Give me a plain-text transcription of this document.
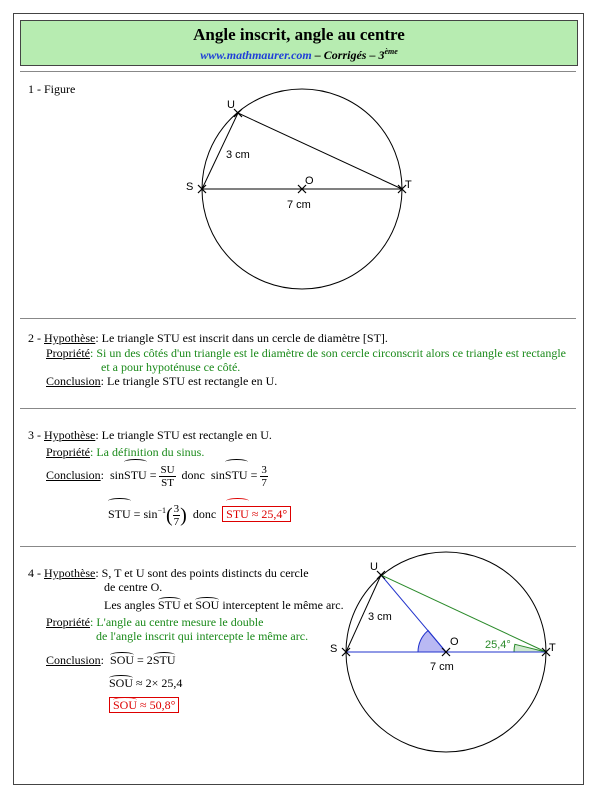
Angle inscrit, angle au centre
www.mathmaurer.com – Corrigés – 3ème
1 - Figure
U
S	T
O
3 cm
7 cm
2 - Hypothèse: Le triangle STU est inscrit dans un cercle de diamètre [ST].
Propriété: Si un des côtés d'un triangle est le diamètre de son cercle circonscrit alors ce triangle est rectangle
et a pour hypoténuse ce côté.
Conclusion: Le triangle STU est rectangle en U.
3 - Hypothèse: Le triangle STU est rectangle en U.
Propriété: La définition du sinus.
Conclusion:  sinSTU = $\frac{SU}{ST}$ donc sinSTU = $\frac{3}{7}$
STU = $\sin^{-1}( \frac{3}{7}$ ) donc STU ≈ 25,4°
4 - Hypothèse: S, T et U sont des points distincts du cercle
de centre O.
Les angles STU et SOU interceptent le même arc.
Propriété: L'angle au centre mesure le double
de l'angle inscrit qui intercepte le même arc.
Conclusion:  SOU = 2STU
SOU ≈ 2× 25,4
SOU ≈ 50,8°
U
S	T
O
3 cm
7 cm
25,4°
